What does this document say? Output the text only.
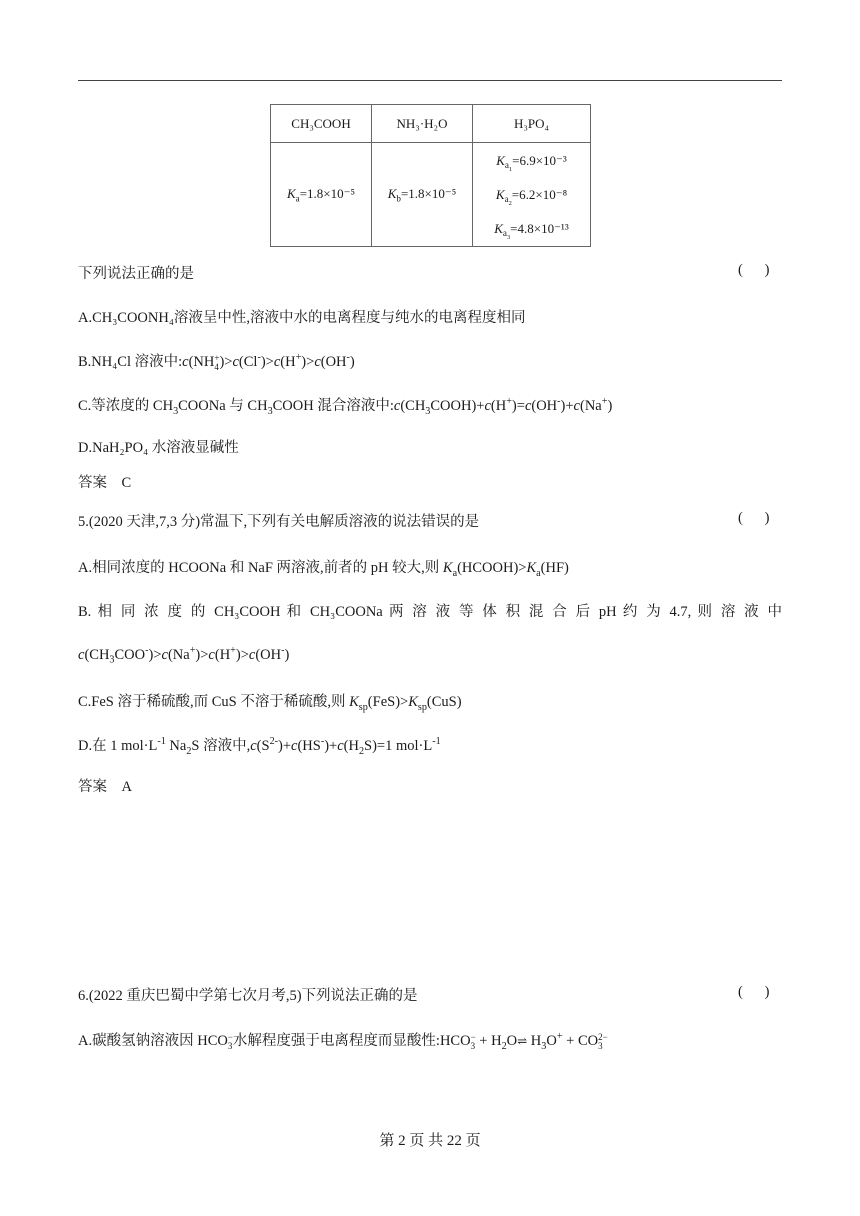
CH₃COOH	NH₃·H₂O	H₃PO₄
$K_a=1.8\times 10^{-5}$	$K_b=1.8\times 10^{-5}$	$K_{a_1}=6.9\times 10^{-3}$
$K_{a_2}=6.2\times 10^{-8}$
$K_{a_3}=4.8\times 10^{-13}$
下列说法正确的是	(      )
A.CH₃COONH₄溶液呈中性,溶液中水的电离程度与纯水的电离程度相同
B.NH₄Cl 溶液中:c(NH +
4 )>c(Cl-)>c(H+)>c(OH-)
C.等浓度的 $CH_3COONa$ 与 $CH_3COOH$ 混合溶液中$:c(CH_3COOH)+c(H^+)=c(OH^-)+c(Na^+)$
D.NaH₂PO₄ 水溶液显碱性
答案　C
5.(2020 天津,7,3 分)常温下,下列有关电解质溶液的说法错误的是	(      )
A.相同浓度的 HCOONa 和 NaF 两溶液,前者的 pH 较大,则 $K_a(HCOOH)>K_a(HF)$
B. 相 同 浓 度 的 CH₃COOH 和 CH₃COONa 两 溶 液 等 体 积 混 合 后 pH 约 为 4.7, 则 溶 液 中
$c(CH_3COO^-)>c(Na^+)>c(H^+)>c(OH^-)$
C.FeS 溶于稀硫酸,而 CuS 不溶于稀硫酸,则 $K_{sp}(FeS)>K_{sp}(CuS)$
D.在 1 $mol\cdot L^{-1}$ $Na_2S$ 溶液中$,c(S^{2-})+c(HS^-)+c(H_2S)=1$ $mol\cdot L^{-1}$
答案　A
6.(2022 重庆巴蜀中学第七次月考,5)下列说法正确的是	(      )
A.碳酸氢钠溶液因 HCO −
3 水解程度强于电离程度而显酸性:HCO −
$3 + H_2O\rightleftharpoons$ $H_3O^+$ + CO 2−
3
第 2 页 共 22 页
